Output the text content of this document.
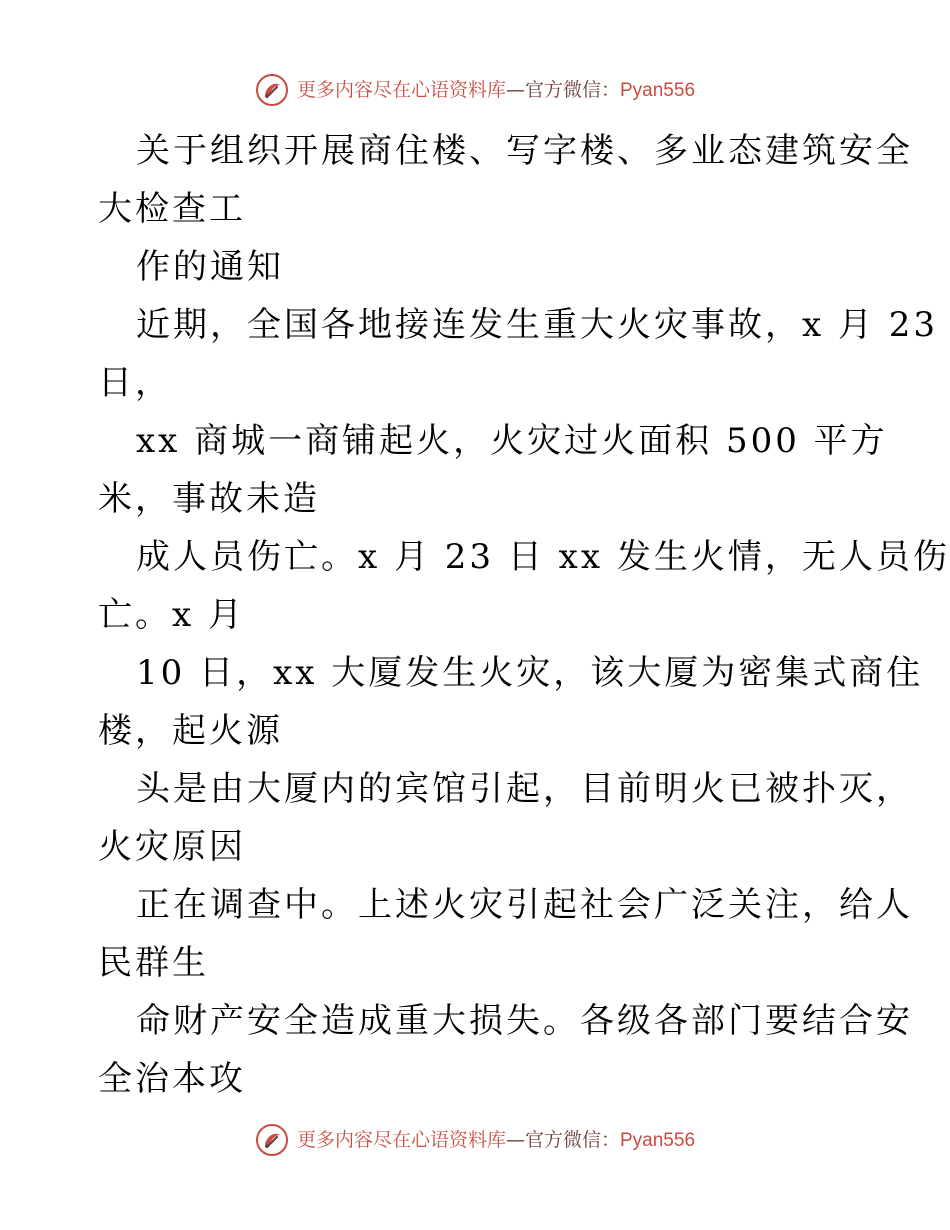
更多内容尽在心语资料库 — 官方微信： Pyan556
关于组织开展商住楼、写字楼、多业态建筑安全
大检查工
作的通知
近期，全国各地接连发生重大火灾事故，x 月 23
日，
xx 商城一商铺起火，火灾过火面积 500 平方
米，事故未造
成人员伤亡。x 月 23 日 xx 发生火情，无人员伤
亡。x 月
10 日，xx 大厦发生火灾，该大厦为密集式商住
楼，起火源
头是由大厦内的宾馆引起，目前明火已被扑灭，
火灾原因
正在调查中。上述火灾引起社会广泛关注，给人
民群生
命财产安全造成重大损失。各级各部门要结合安
全治本攻
更多内容尽在心语资料库 — 官方微信： Pyan556
